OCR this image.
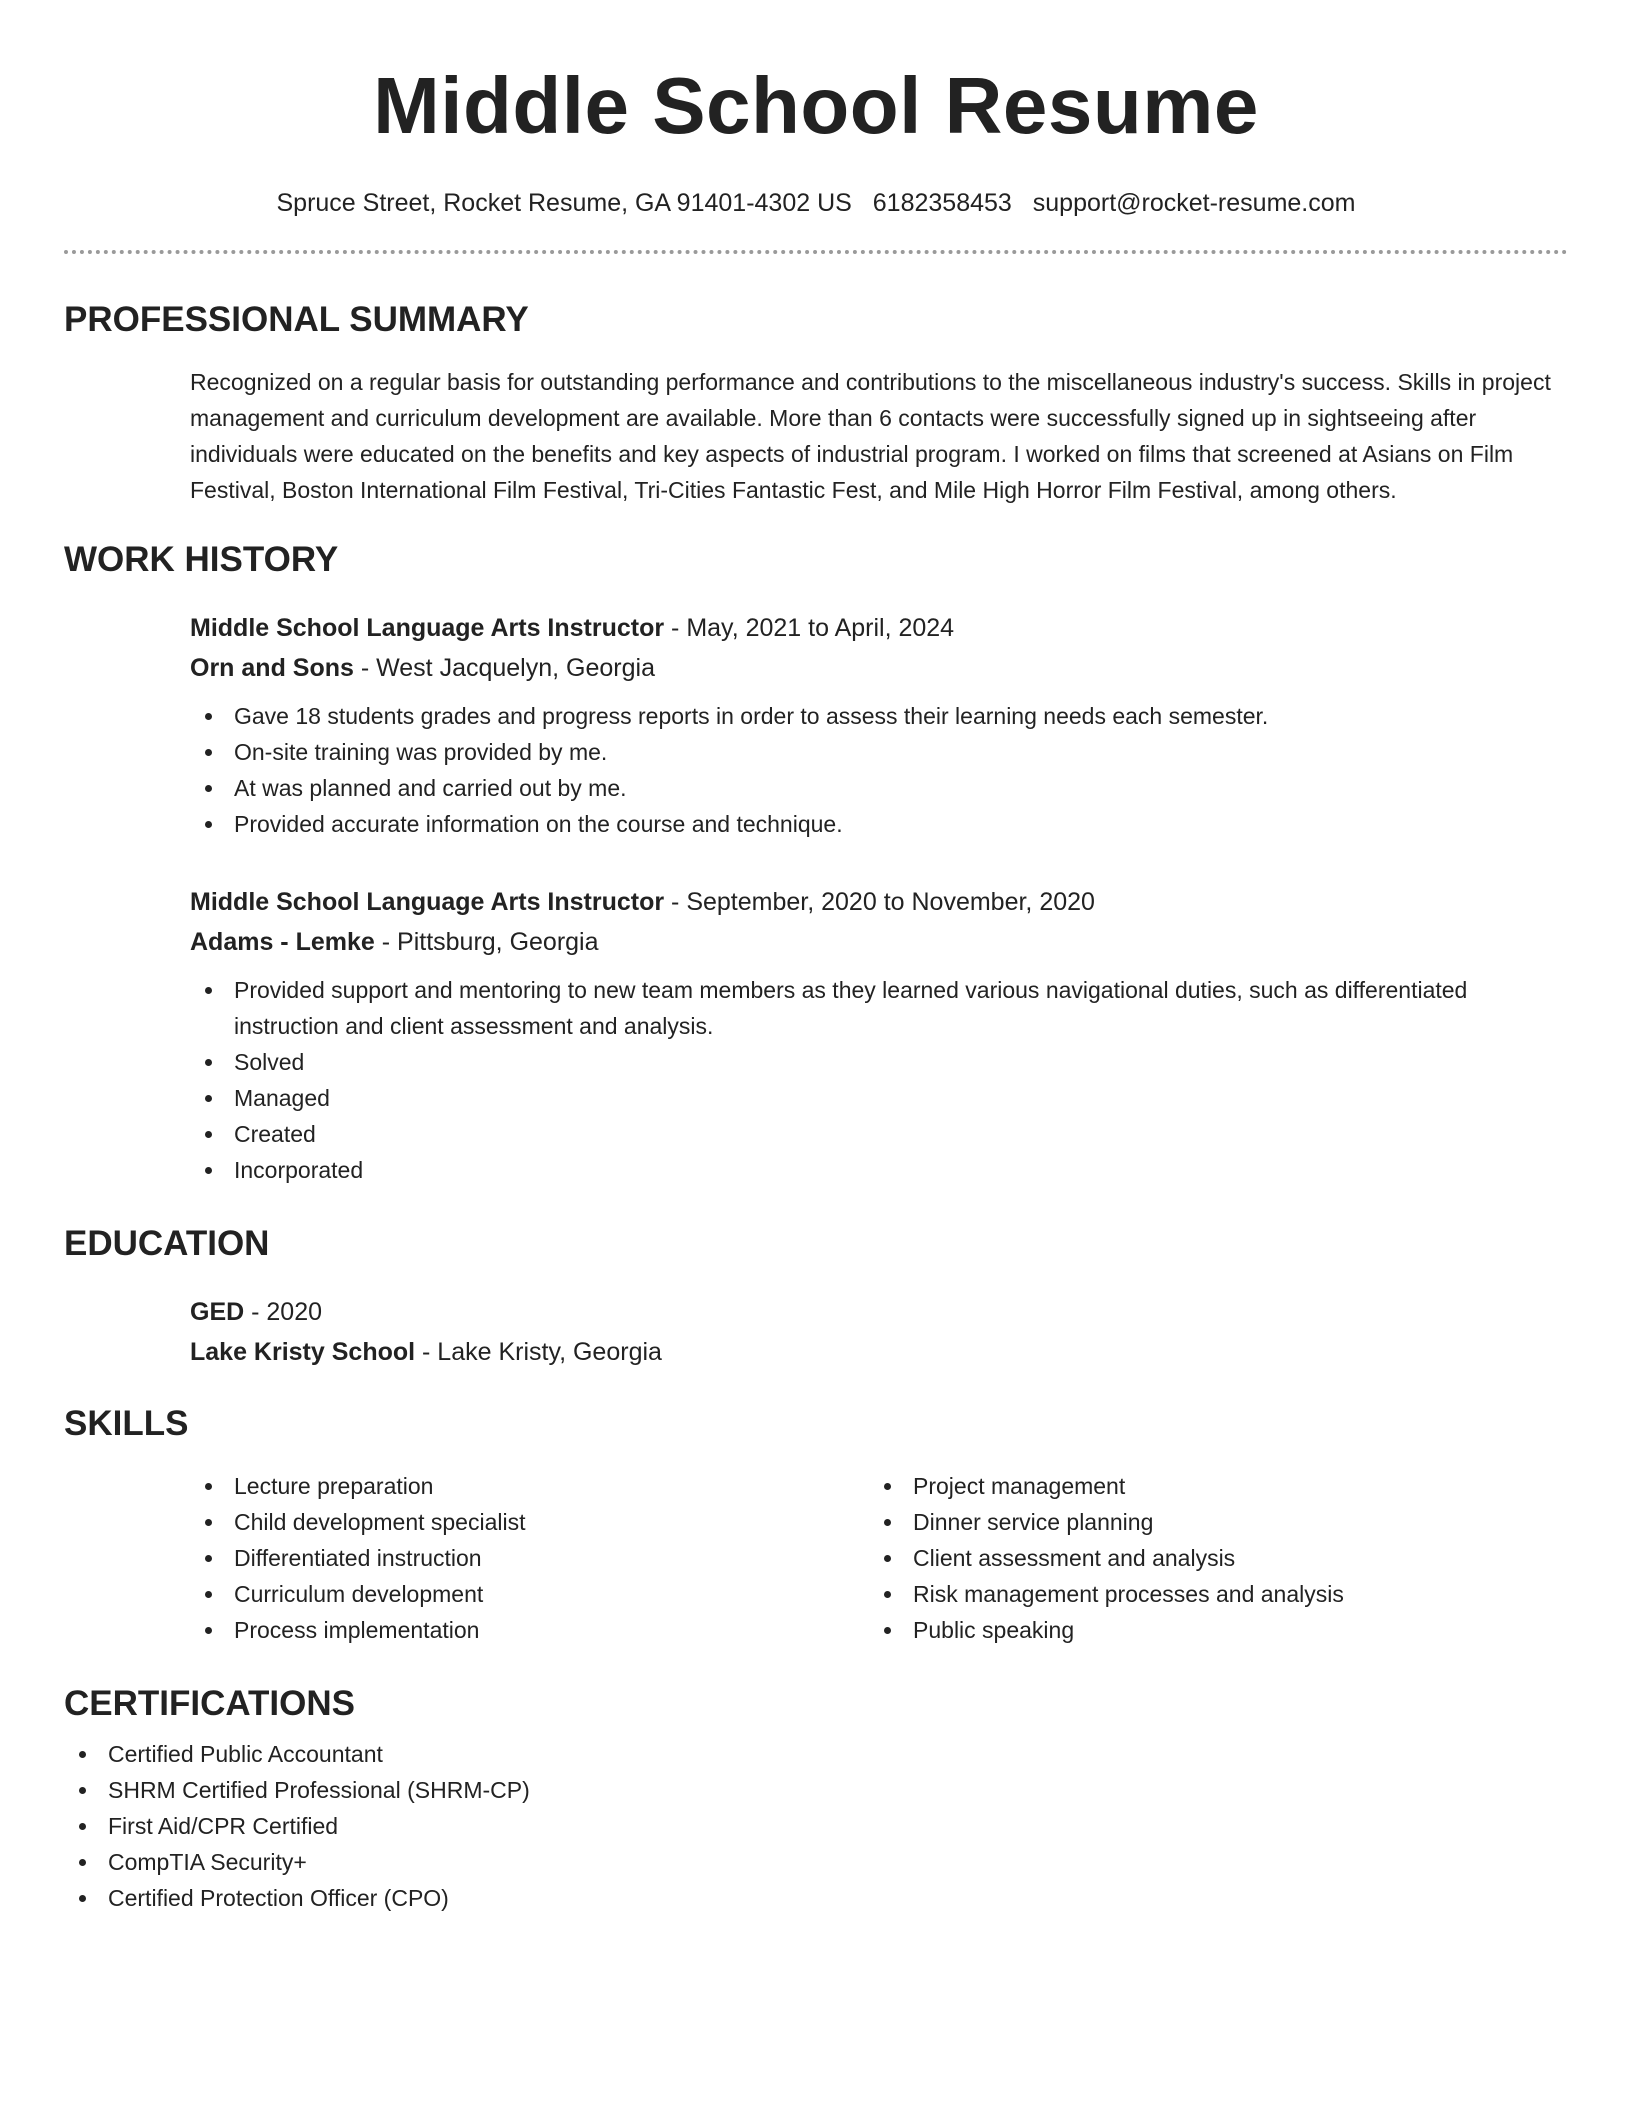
Middle School Resume
Spruce Street, Rocket Resume, GA 91401-4302 US 6182358453 support@rocket-resume.com
PROFESSIONAL SUMMARY

Recognized on a regular basis for outstanding performance and contributions to the miscellaneous industry's success. Skills in project management and curriculum development are available. More than 6 contacts were successfully signed up in sightseeing after individuals were educated on the benefits and key aspects of industrial program. I worked on films that screened at Asians on Film Festival, Boston International Film Festival, Tri-Cities Fantastic Fest, and Mile High Horror Film Festival, among others.

WORK HISTORY
Middle School Language Arts Instructor - May, 2021 to April, 2024
Orn and Sons - West Jacquelyn, Georgia
Gave 18 students grades and progress reports in order to assess their learning needs each semester.
On-site training was provided by me.
At was planned and carried out by me.
Provided accurate information on the course and technique.
Middle School Language Arts Instructor - September, 2020 to November, 2020
Adams - Lemke - Pittsburg, Georgia
Provided support and mentoring to new team members as they learned various navigational duties, such as differentiated instruction and client assessment and analysis.
Solved
Managed
Created
Incorporated
EDUCATION
GED - 2020
Lake Kristy School - Lake Kristy, Georgia
SKILLS
Lecture preparation
Child development specialist
Differentiated instruction
Curriculum development
Process implementation
Project management
Dinner service planning
Client assessment and analysis
Risk management processes and analysis
Public speaking
CERTIFICATIONS
Certified Public Accountant
SHRM Certified Professional (SHRM-CP)
First Aid/CPR Certified
CompTIA Security+
Certified Protection Officer (CPO)
